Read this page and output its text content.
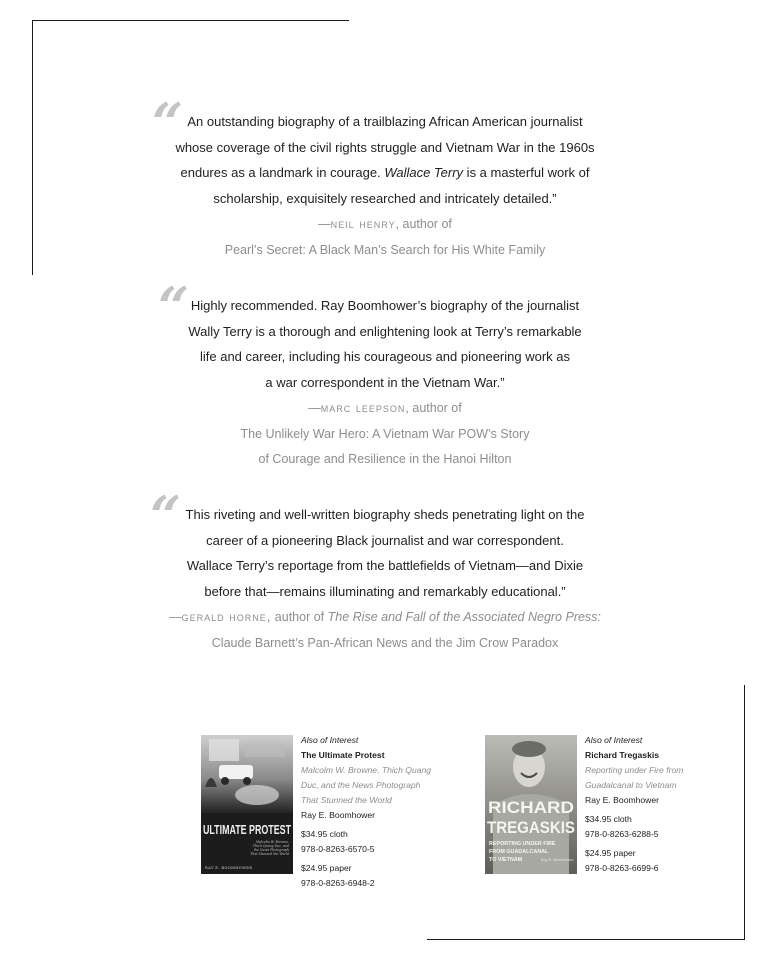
“ An outstanding biography of a trailblazing African American journalist
whose coverage of the civil rights struggle and Vietnam War in the 1960s
endures as a landmark in courage. Wallace Terry is a masterful work of
scholarship, exquisitely researched and intricately detailed.”
—neil henry, author of
Pearl’s Secret: A Black Man’s Search for His White Family
“ Highly recommended. Ray Boomhower’s biography of the journalist
Wally Terry is a thorough and enlightening look at Terry’s remarkable
life and career, including his courageous and pioneering work as
a war correspondent in the Vietnam War.”
—marc leepson, author of
The Unlikely War Hero: A Vietnam War POW’s Story
of Courage and Resilience in the Hanoi Hilton
“ This riveting and well-written biography sheds penetrating light on the
career of a pioneering Black journalist and war correspondent.
Wallace Terry’s reportage from the battlefields of Vietnam—and Dixie
before that—remains illuminating and remarkably educational.”
—gerald horne, author of The Rise and Fall of the Associated Negro Press:
Claude Barnett’s Pan-African News and the Jim Crow Paradox
ULTIMATE PROTEST
Malcolm W. Browne,
Thich Quang Duc, and
the News Photograph
That Stunned the World
RAY E. BOOMHOWER
Also of Interest
The Ultimate Protest
Malcolm W. Browne, Thich Quang
Duc, and the News Photograph
That Stunned the World
Ray E. Boomhower
$34.95 cloth
978-0-8263-6570-5
$24.95 paper
978-0-8263-6948-2
RICHARD
TREGASKIS
REPORTING UNDER FIRE
FROM GUADALCANAL
TO VIETNAM	Ray E. Boomhower
Also of Interest
Richard Tregaskis
Reporting under Fire from
Guadalcanal to Vietnam
Ray E. Boomhower
$34.95 cloth
978-0-8263-6288-5
$24.95 paper
978-0-8263-6699-6
